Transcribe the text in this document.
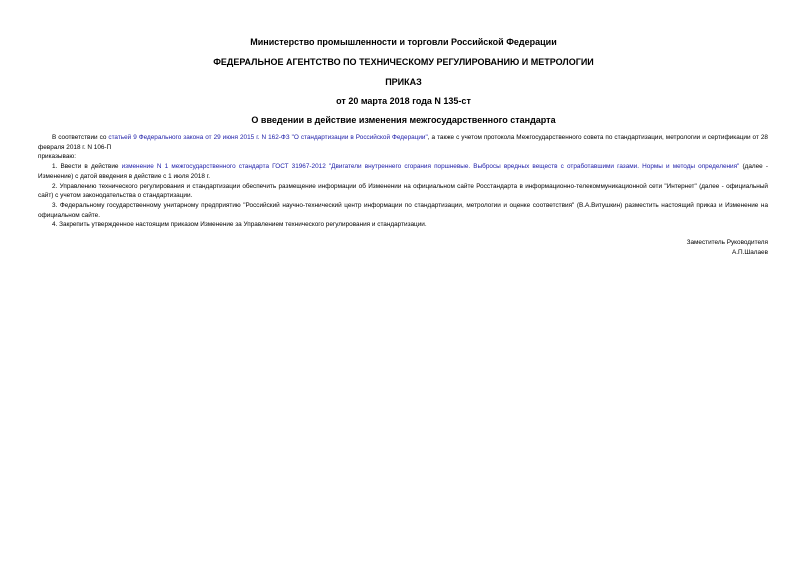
Министерство промышленности и торговли Российской Федерации
ФЕДЕРАЛЬНОЕ АГЕНТСТВО ПО ТЕХНИЧЕСКОМУ РЕГУЛИРОВАНИЮ И МЕТРОЛОГИИ
ПРИКАЗ
от 20 марта 2018 года N 135-ст
О введении в действие изменения межгосударственного стандарта

В соответствии со статьей 9 Федерального закона от 29 июня 2015 г. N 162-ФЗ "О стандартизации в Российской Федерации", а также с учетом протокола Межгосударственного совета по стандартизации, метрологии и сертификации от 28 февраля 2018 г. N 106-П

приказываю:

1. Ввести в действие изменение N 1 межгосударственного стандарта ГОСТ 31967-2012 "Двигатели внутреннего сгорания поршневые. Выбросы вредных веществ с отработавшими газами. Нормы и методы определения" (далее - Изменение) с датой введения в действие с 1 июля 2018 г.

2. Управлению технического регулирования и стандартизации обеспечить размещение информации об Изменении на официальном сайте Росстандарта в информационно-телекоммуникационной сети "Интернет" (далее - официальный сайт) с учетом законодательства о стандартизации.

3. Федеральному государственному унитарному предприятию "Российский научно-технический центр информации по стандартизации, метрологии и оценке соответствия" (В.А.Витушкин) разместить настоящий приказ и Изменение на официальном сайте.

4. Закрепить утвержденное настоящим приказом Изменение за Управлением технического регулирования и стандартизации.

Заместитель Руководителя
А.П.Шалаев
